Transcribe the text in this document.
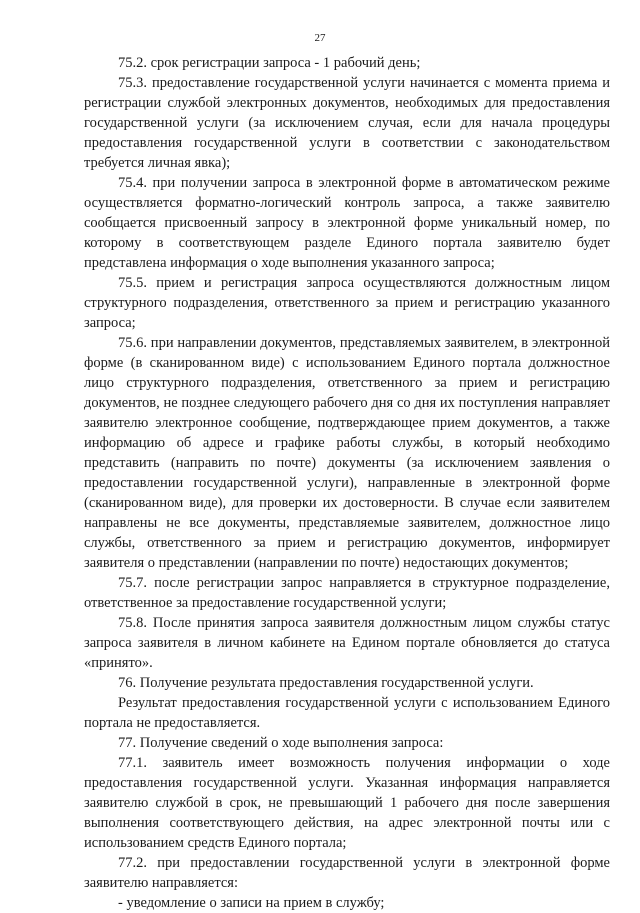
27

75.2. срок регистрации запроса - 1 рабочий день;

75.3. предоставление государственной услуги начинается с момента приема и регистрации службой электронных документов, необходимых для предоставления государственной услуги (за исключением случая, если для начала процедуры предоставления государственной услуги в соответствии с законодательством требуется личная явка);

75.4. при получении запроса в электронной форме в автоматическом режиме осуществляется форматно-логический контроль запроса, а также заявителю сообщается присвоенный запросу в электронной форме уникальный номер, по которому в соответствующем разделе Единого портала заявителю будет представлена информация о ходе выполнения указанного запроса;

75.5. прием и регистрация запроса осуществляются должностным лицом структурного подразделения, ответственного за прием и регистрацию указанного запроса;

75.6. при направлении документов, представляемых заявителем, в электронной форме (в сканированном виде) с использованием Единого портала должностное лицо структурного подразделения, ответственного за прием и регистрацию документов, не позднее следующего рабочего дня со дня их поступления направляет заявителю электронное сообщение, подтверждающее прием документов, а также информацию об адресе и графике работы службы, в который необходимо представить (направить по почте) документы (за исключением заявления о предоставлении государственной услуги), направленные в электронной форме (сканированном виде), для проверки их достоверности. В случае если заявителем направлены не все документы, представляемые заявителем, должностное лицо службы, ответственного за прием и регистрацию документов, информирует заявителя о представлении (направлении по почте) недостающих документов;

75.7. после регистрации запрос направляется в структурное подразделение, ответственное за предоставление государственной услуги;

75.8. После принятия запроса заявителя должностным лицом службы статус запроса заявителя в личном кабинете на Едином портале обновляется до статуса «принято».

76. Получение результата предоставления государственной услуги.

Результат предоставления государственной услуги с использованием Единого портала не предоставляется.

77. Получение сведений о ходе выполнения запроса:

77.1. заявитель имеет возможность получения информации о ходе предоставления государственной услуги. Указанная информация направляется заявителю службой в срок, не превышающий 1 рабочего дня после завершения выполнения соответствующего действия, на адрес электронной почты или с использованием средств Единого портала;

77.2. при предоставлении государственной услуги в электронной форме заявителю направляется:

- уведомление о записи на прием в службу;
